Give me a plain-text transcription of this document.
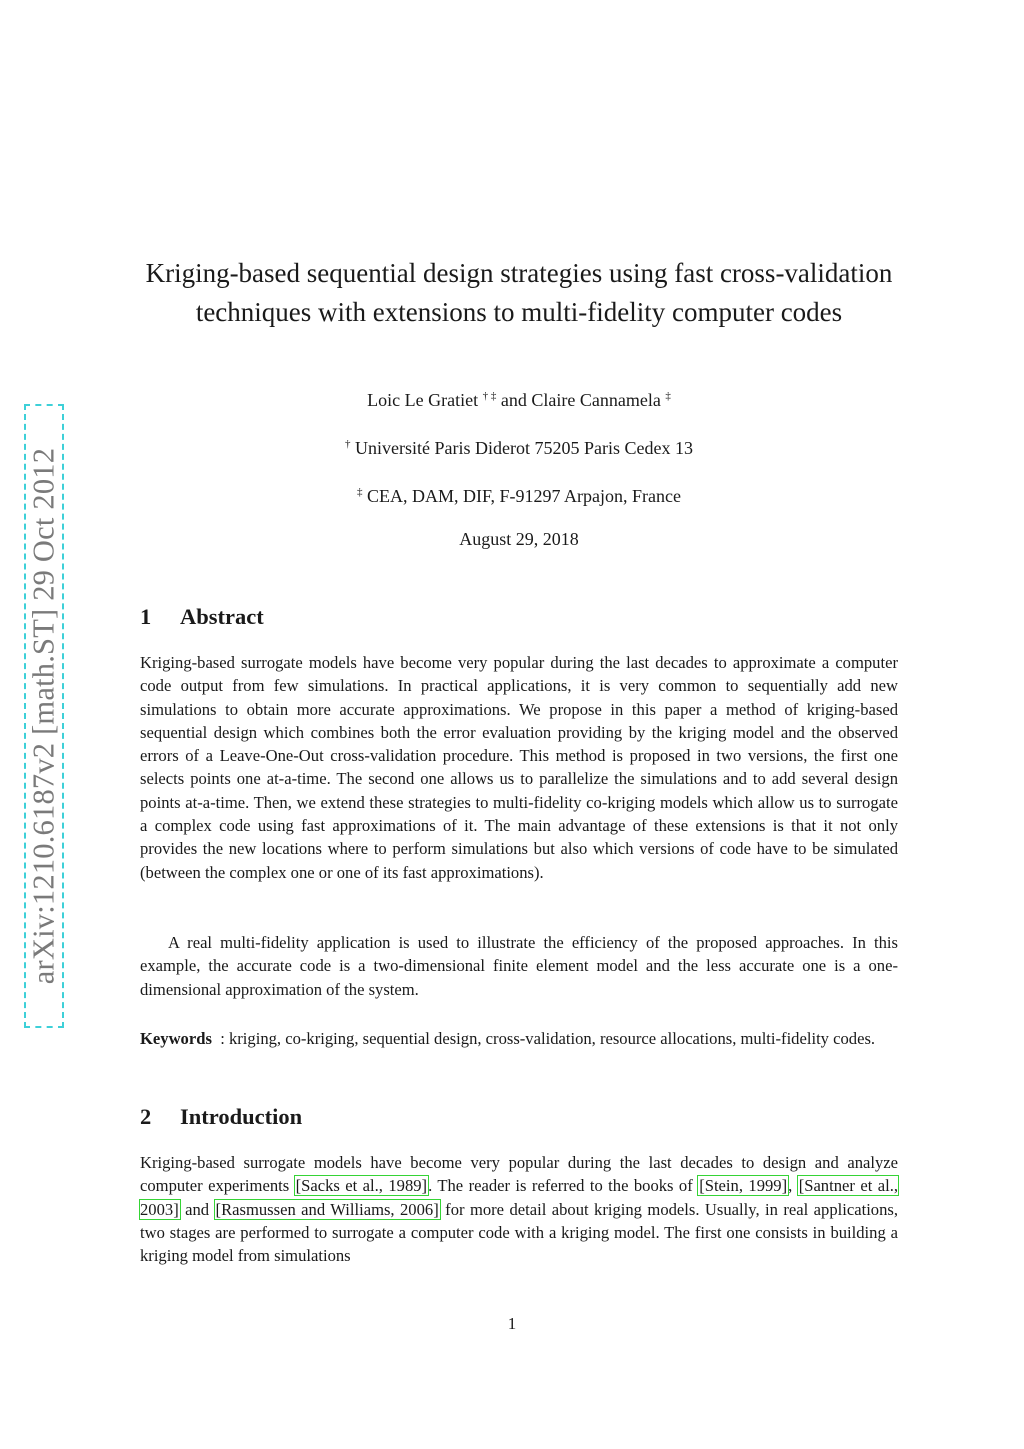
arXiv:1210.6187v2 [math.ST] 29 Oct 2012
Kriging-based sequential design strategies using fast cross-validation techniques with extensions to multi-fidelity computer codes
Loic Le Gratiet † ‡ and Claire Cannamela ‡
† Université Paris Diderot 75205 Paris Cedex 13
‡ CEA, DAM, DIF, F-91297 Arpajon, France
August 29, 2018
1 Abstract

Kriging-based surrogate models have become very popular during the last decades to approximate a computer code output from few simulations. In practical applications, it is very common to sequentially add new simulations to obtain more accurate approximations. We propose in this paper a method of kriging-based sequential design which combines both the error evaluation providing by the kriging model and the observed errors of a Leave-One-Out cross-validation procedure. This method is proposed in two versions, the first one selects points one at-a-time. The second one allows us to parallelize the simulations and to add several design points at-a-time. Then, we extend these strategies to multi-fidelity co-kriging models which allow us to surrogate a complex code using fast approximations of it. The main advantage of these extensions is that it not only provides the new locations where to perform simulations but also which versions of code have to be simulated (between the complex one or one of its fast approximations).

A real multi-fidelity application is used to illustrate the efficiency of the proposed approaches. In this example, the accurate code is a two-dimensional finite element model and the less accurate one is a one-dimensional approximation of the system.

Keywords : kriging, co-kriging, sequential design, cross-validation, resource allocations, multi-fidelity codes.

2 Introduction

Kriging-based surrogate models have become very popular during the last decades to design and analyze computer experiments [Sacks et al., 1989]. The reader is referred to the books of [Stein, 1999], [Santner et al., 2003] and [Rasmussen and Williams, 2006] for more detail about kriging models. Usually, in real applications, two stages are performed to surrogate a computer code with a kriging model. The first one consists in building a kriging model from simulations

1
